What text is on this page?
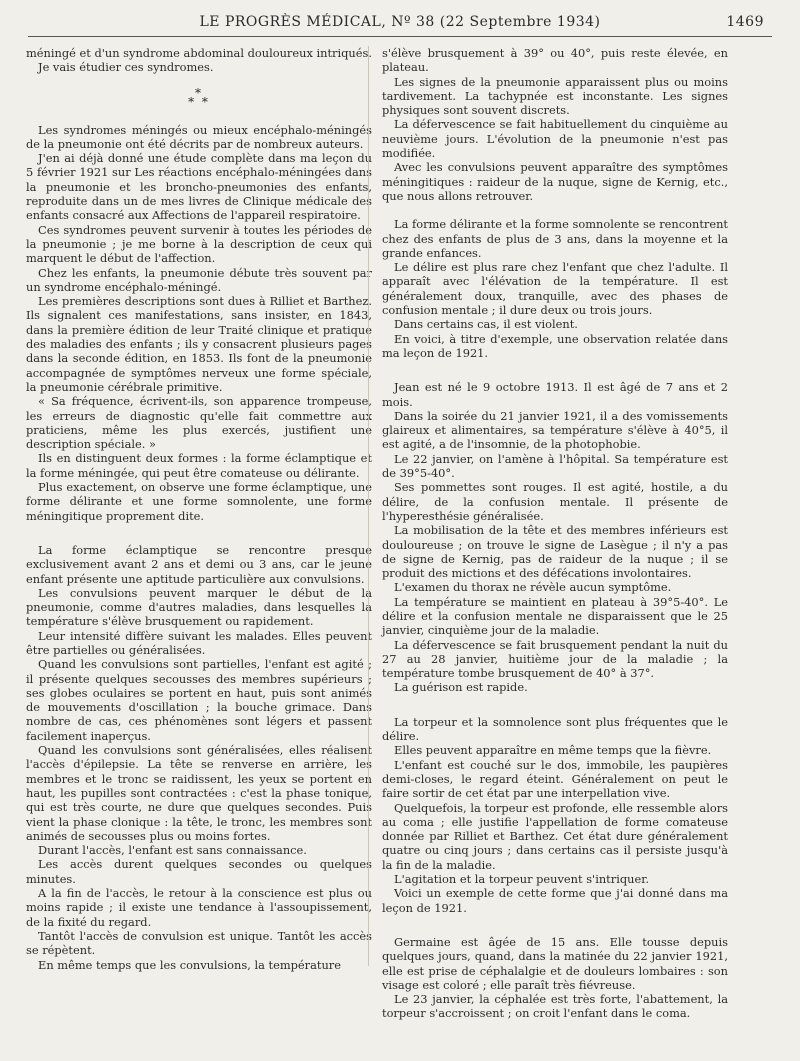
LE PROGRÈS MÉDICAL, Nº 38 (22 Septembre 1934)	1469

méningé et d'un syndrome abdominal douloureux intriqués.

Je vais étudier ces syndromes.

*
* *

Les syndromes méningés ou mieux encéphalo-méningés de la pneumonie ont été décrits par de nombreux auteurs.

J'en ai déjà donné une étude complète dans ma leçon du 5 février 1921 sur Les réactions encéphalo-méningées dans la pneumonie et les broncho-pneumonies des enfants, reproduite dans un de mes livres de Clinique médicale des enfants consacré aux Affections de l'appareil respiratoire.

Ces syndromes peuvent survenir à toutes les périodes de la pneumonie ; je me borne à la description de ceux qui marquent le début de l'affection.

Chez les enfants, la pneumonie débute très souvent par un syndrome encéphalo-méningé.

Les premières descriptions sont dues à Rilliet et Barthez. Ils signalent ces manifestations, sans insister, en 1843, dans la première édition de leur Traité clinique et pratique des maladies des enfants ; ils y consacrent plusieurs pages dans la seconde édition, en 1853. Ils font de la pneumonie accompagnée de symptômes nerveux une forme spéciale, la pneumonie cérébrale primitive.

« Sa fréquence, écrivent-ils, son apparence trompeuse, les erreurs de diagnostic qu'elle fait commettre aux praticiens, même les plus exercés, justifient une description spéciale. »

Ils en distinguent deux formes : la forme éclamptique et la forme méningée, qui peut être comateuse ou délirante.

Plus exactement, on observe une forme éclamptique, une forme délirante et une forme somnolente, une forme méningitique proprement dite.

La forme éclamptique se rencontre presque exclusivement avant 2 ans et demi ou 3 ans, car le jeune enfant présente une aptitude particulière aux convulsions.

Les convulsions peuvent marquer le début de la pneumonie, comme d'autres maladies, dans lesquelles la température s'élève brusquement ou rapidement.

Leur intensité diffère suivant les malades. Elles peuvent être partielles ou généralisées.

Quand les convulsions sont partielles, l'enfant est agité ; il présente quelques secousses des membres supérieurs ; ses globes oculaires se portent en haut, puis sont animés de mouvements d'oscillation ; la bouche grimace. Dans nombre de cas, ces phénomènes sont légers et passent facilement inaperçus.

Quand les convulsions sont généralisées, elles réalisent l'accès d'épilepsie. La tête se renverse en arrière, les membres et le tronc se raidissent, les yeux se portent en haut, les pupilles sont contractées : c'est la phase tonique, qui est très courte, ne dure que quelques secondes. Puis vient la phase clonique : la tête, le tronc, les membres sont animés de secousses plus ou moins fortes.

Durant l'accès, l'enfant est sans connaissance.

Les accès durent quelques secondes ou quelques minutes.

A la fin de l'accès, le retour à la conscience est plus ou moins rapide ; il existe une tendance à l'assoupissement, de la fixité du regard.

Tantôt l'accès de convulsion est unique. Tantôt les accès se répètent.

En même temps que les convulsions, la température

s'élève brusquement à 39° ou 40°, puis reste élevée, en plateau.

Les signes de la pneumonie apparaissent plus ou moins tardivement. La tachypnée est inconstante. Les signes physiques sont souvent discrets.

La défervescence se fait habituellement du cinquième au neuvième jours. L'évolution de la pneumonie n'est pas modifiée.

Avec les convulsions peuvent apparaître des symptômes méningitiques : raideur de la nuque, signe de Kernig, etc., que nous allons retrouver.

La forme délirante et la forme somnolente se rencontrent chez des enfants de plus de 3 ans, dans la moyenne et la grande enfances.

Le délire est plus rare chez l'enfant que chez l'adulte. Il apparaît avec l'élévation de la température. Il est généralement doux, tranquille, avec des phases de confusion mentale ; il dure deux ou trois jours.

Dans certains cas, il est violent.

En voici, à titre d'exemple, une observation relatée dans ma leçon de 1921.

Jean est né le 9 octobre 1913. Il est âgé de 7 ans et 2 mois.

Dans la soirée du 21 janvier 1921, il a des vomissements glaireux et alimentaires, sa température s'élève à 40°5, il est agité, a de l'insomnie, de la photophobie.

Le 22 janvier, on l'amène à l'hôpital. Sa température est de 39°5-40°.

Ses pommettes sont rouges. Il est agité, hostile, a du délire, de la confusion mentale. Il présente de l'hyperesthésie généralisée.

La mobilisation de la tête et des membres inférieurs est douloureuse ; on trouve le signe de Lasègue ; il n'y a pas de signe de Kernig, pas de raideur de la nuque ; il se produit des mictions et des défécations involontaires.

L'examen du thorax ne révèle aucun symptôme.

La température se maintient en plateau à 39°5-40°. Le délire et la confusion mentale ne disparaissent que le 25 janvier, cinquième jour de la maladie.

La défervescence se fait brusquement pendant la nuit du 27 au 28 janvier, huitième jour de la maladie ; la température tombe brusquement de 40° à 37°.

La guérison est rapide.

La torpeur et la somnolence sont plus fréquentes que le délire.

Elles peuvent apparaître en même temps que la fièvre.

L'enfant est couché sur le dos, immobile, les paupières demi-closes, le regard éteint. Généralement on peut le faire sortir de cet état par une interpellation vive.

Quelquefois, la torpeur est profonde, elle ressemble alors au coma ; elle justifie l'appellation de forme comateuse donnée par Rilliet et Barthez. Cet état dure généralement quatre ou cinq jours ; dans certains cas il persiste jusqu'à la fin de la maladie.

L'agitation et la torpeur peuvent s'intriquer.

Voici un exemple de cette forme que j'ai donné dans ma leçon de 1921.

Germaine est âgée de 15 ans. Elle tousse depuis quelques jours, quand, dans la matinée du 22 janvier 1921, elle est prise de céphalalgie et de douleurs lombaires : son visage est coloré ; elle paraît très fiévreuse.

Le 23 janvier, la céphalée est très forte, l'abattement, la torpeur s'accroissent ; on croit l'enfant dans le coma.
